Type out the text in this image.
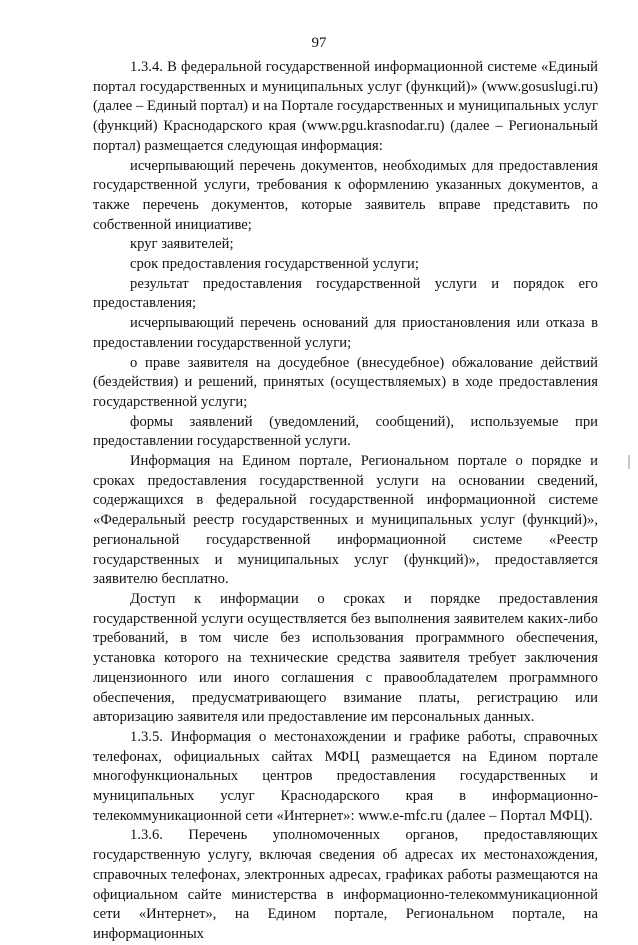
97

1.3.4. В федеральной государственной информационной системе «Единый портал государственных и муниципальных услуг (функций)» (www.gosuslugi.ru) (далее – Единый портал) и на Портале государственных и муниципальных услуг (функций) Краснодарского края (www.pgu.krasnodar.ru) (далее – Региональный портал) размещается следующая информация:

исчерпывающий перечень документов, необходимых для предоставления государственной услуги, требования к оформлению указанных документов, а также перечень документов, которые заявитель вправе представить по собственной инициативе;

круг заявителей;

срок предоставления государственной услуги;

результат предоставления государственной услуги и порядок его предоставления;

исчерпывающий перечень оснований для приостановления или отказа в предоставлении государственной услуги;

о праве заявителя на досудебное (внесудебное) обжалование действий (бездействия) и решений, принятых (осуществляемых) в ходе предоставления государственной услуги;

формы заявлений (уведомлений, сообщений), используемые при предоставлении государственной услуги.

Информация на Едином портале, Региональном портале о порядке и сроках предоставления государственной услуги на основании сведений, содержащихся в федеральной государственной информационной системе «Федеральный реестр государственных и муниципальных услуг (функций)», региональной государственной информационной системе «Реестр государственных и муниципальных услуг (функций)», предоставляется заявителю бесплатно.

Доступ к информации о сроках и порядке предоставления государственной услуги осуществляется без выполнения заявителем каких-либо требований, в том числе без использования программного обеспечения, установка которого на технические средства заявителя требует заключения лицензионного или иного соглашения с правообладателем программного обеспечения, предусматривающего взимание платы, регистрацию или авторизацию заявителя или предоставление им персональных данных.

1.3.5. Информация о местонахождении и графике работы, справочных телефонах, официальных сайтах МФЦ размещается на Едином портале многофункциональных центров предоставления государственных и муниципальных услуг Краснодарского края в информационно-телекоммуникационной сети «Интернет»: www.e-mfc.ru (далее – Портал МФЦ).

1.3.6. Перечень уполномоченных органов, предоставляющих государственную услугу, включая сведения об адресах их местонахождения, справочных телефонах, электронных адресах, графиках работы размещаются на официальном сайте министерства в информационно-телекоммуникационной сети «Интернет», на Едином портале, Региональном портале, на информационных
